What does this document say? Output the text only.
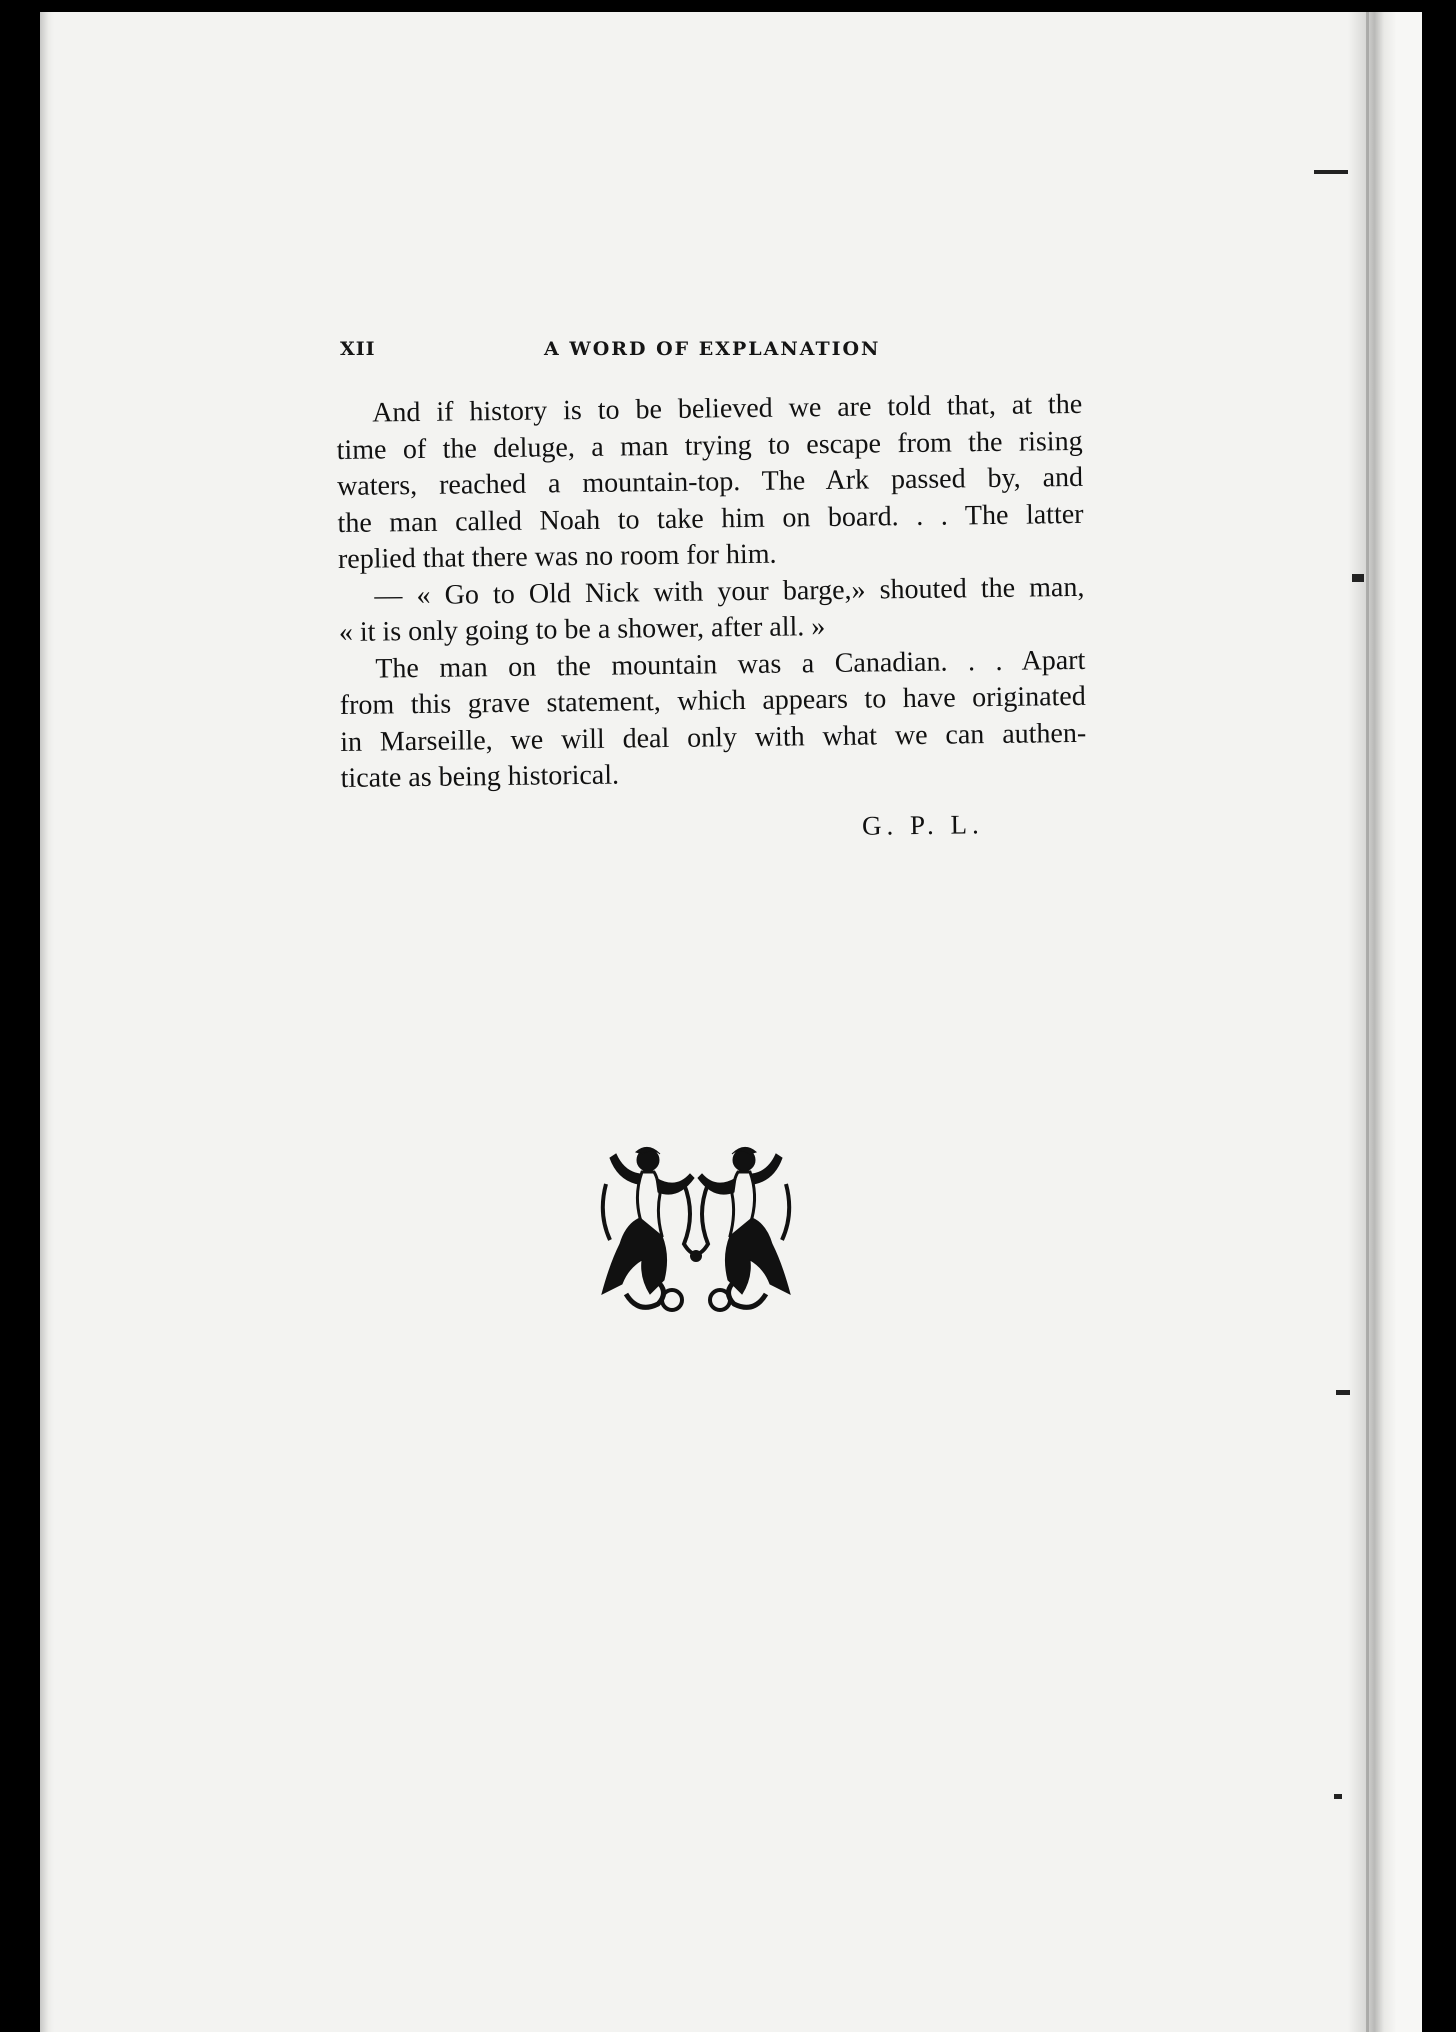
XII	A WORD OF EXPLANATION
And if history is to be believed we are told that, at the
time of the deluge, a man trying to escape from the rising
waters, reached a mountain-top. The Ark passed by, and
the man called Noah to take him on board. . . The latter
replied that there was no room for him.
— « Go to Old Nick with your barge,» shouted the man,
« it is only going to be a shower, after all. »
The man on the mountain was a Canadian. . . Apart
from this grave statement, which appears to have originated
in Marseille, we will deal only with what we can authen-
ticate as being historical.
G. P. L.
